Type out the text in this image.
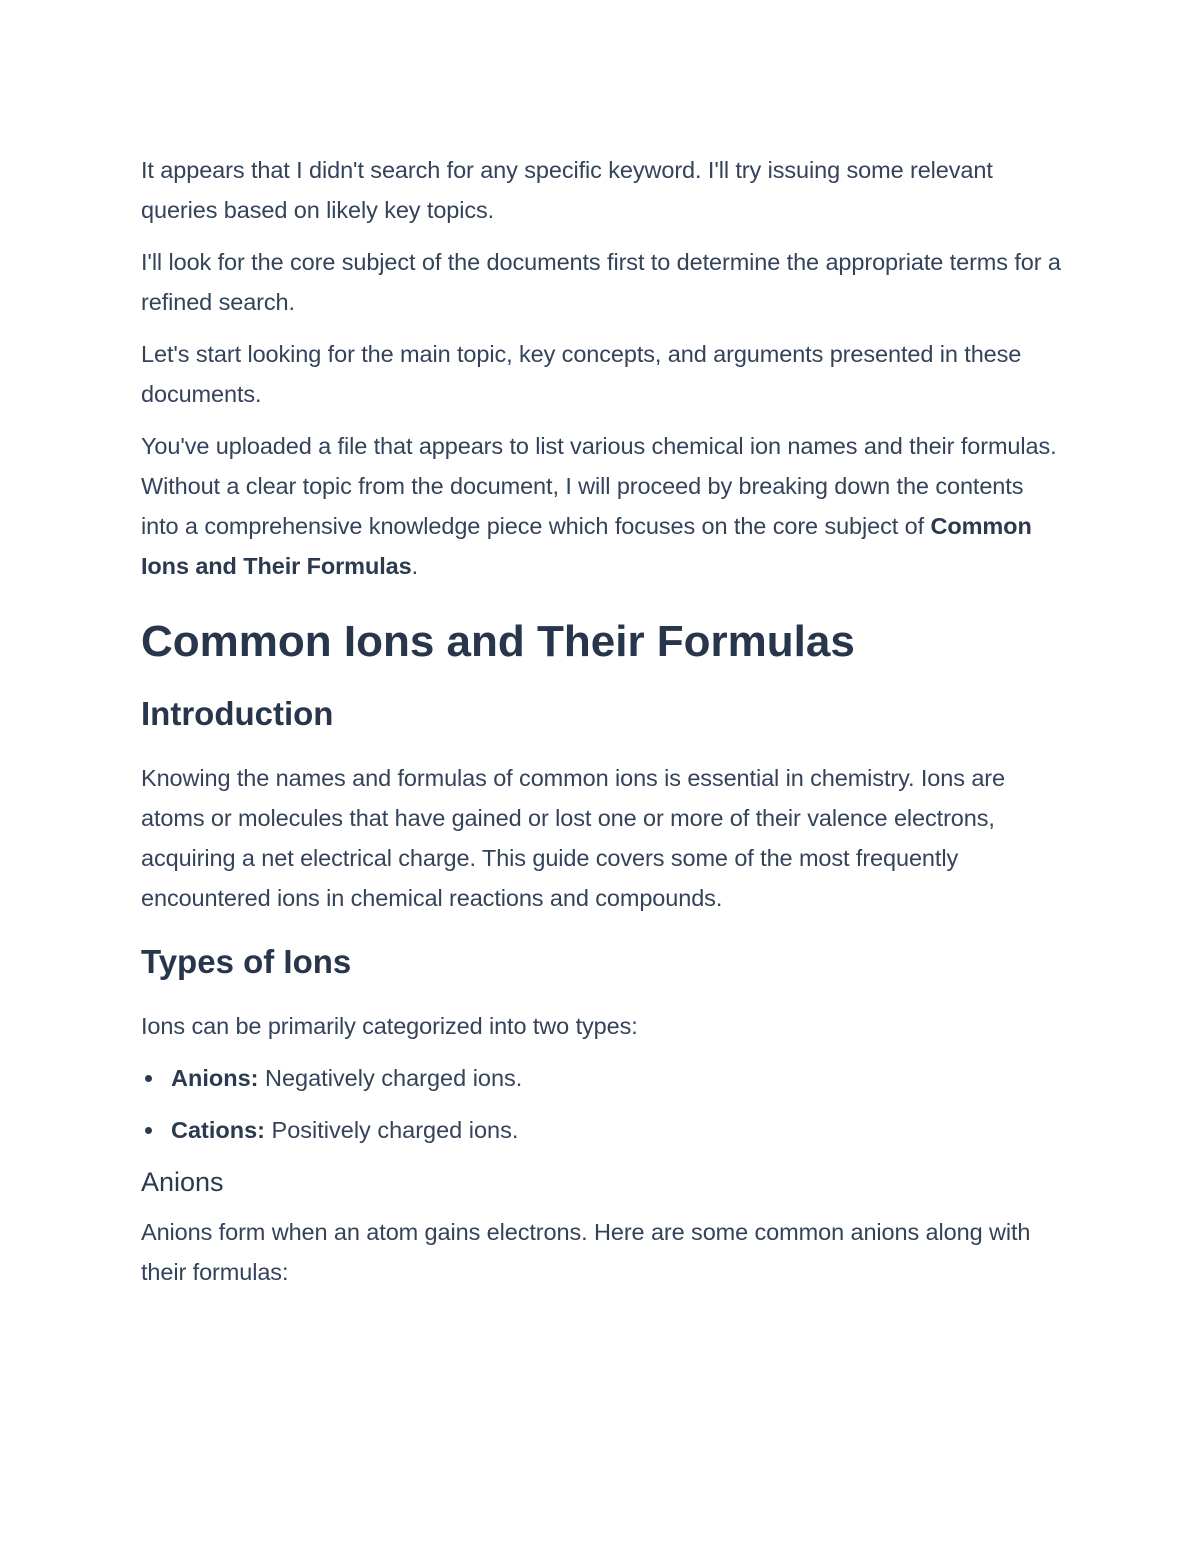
It appears that I didn't search for any specific keyword. I'll try issuing some relevant queries based on likely key topics.

I'll look for the core subject of the documents first to determine the appropriate terms for a refined search.

Let's start looking for the main topic, key concepts, and arguments presented in these documents.

You've uploaded a file that appears to list various chemical ion names and their formulas. Without a clear topic from the document, I will proceed by breaking down the contents into a comprehensive knowledge piece which focuses on the core subject of Common Ions and Their Formulas.

Common Ions and Their Formulas
Introduction

Knowing the names and formulas of common ions is essential in chemistry. Ions are atoms or molecules that have gained or lost one or more of their valence electrons, acquiring a net electrical charge. This guide covers some of the most frequently encountered ions in chemical reactions and compounds.

Types of Ions

Ions can be primarily categorized into two types:

Anions: Negatively charged ions.
Cations: Positively charged ions.
Anions

Anions form when an atom gains electrons. Here are some common anions along with their formulas:
